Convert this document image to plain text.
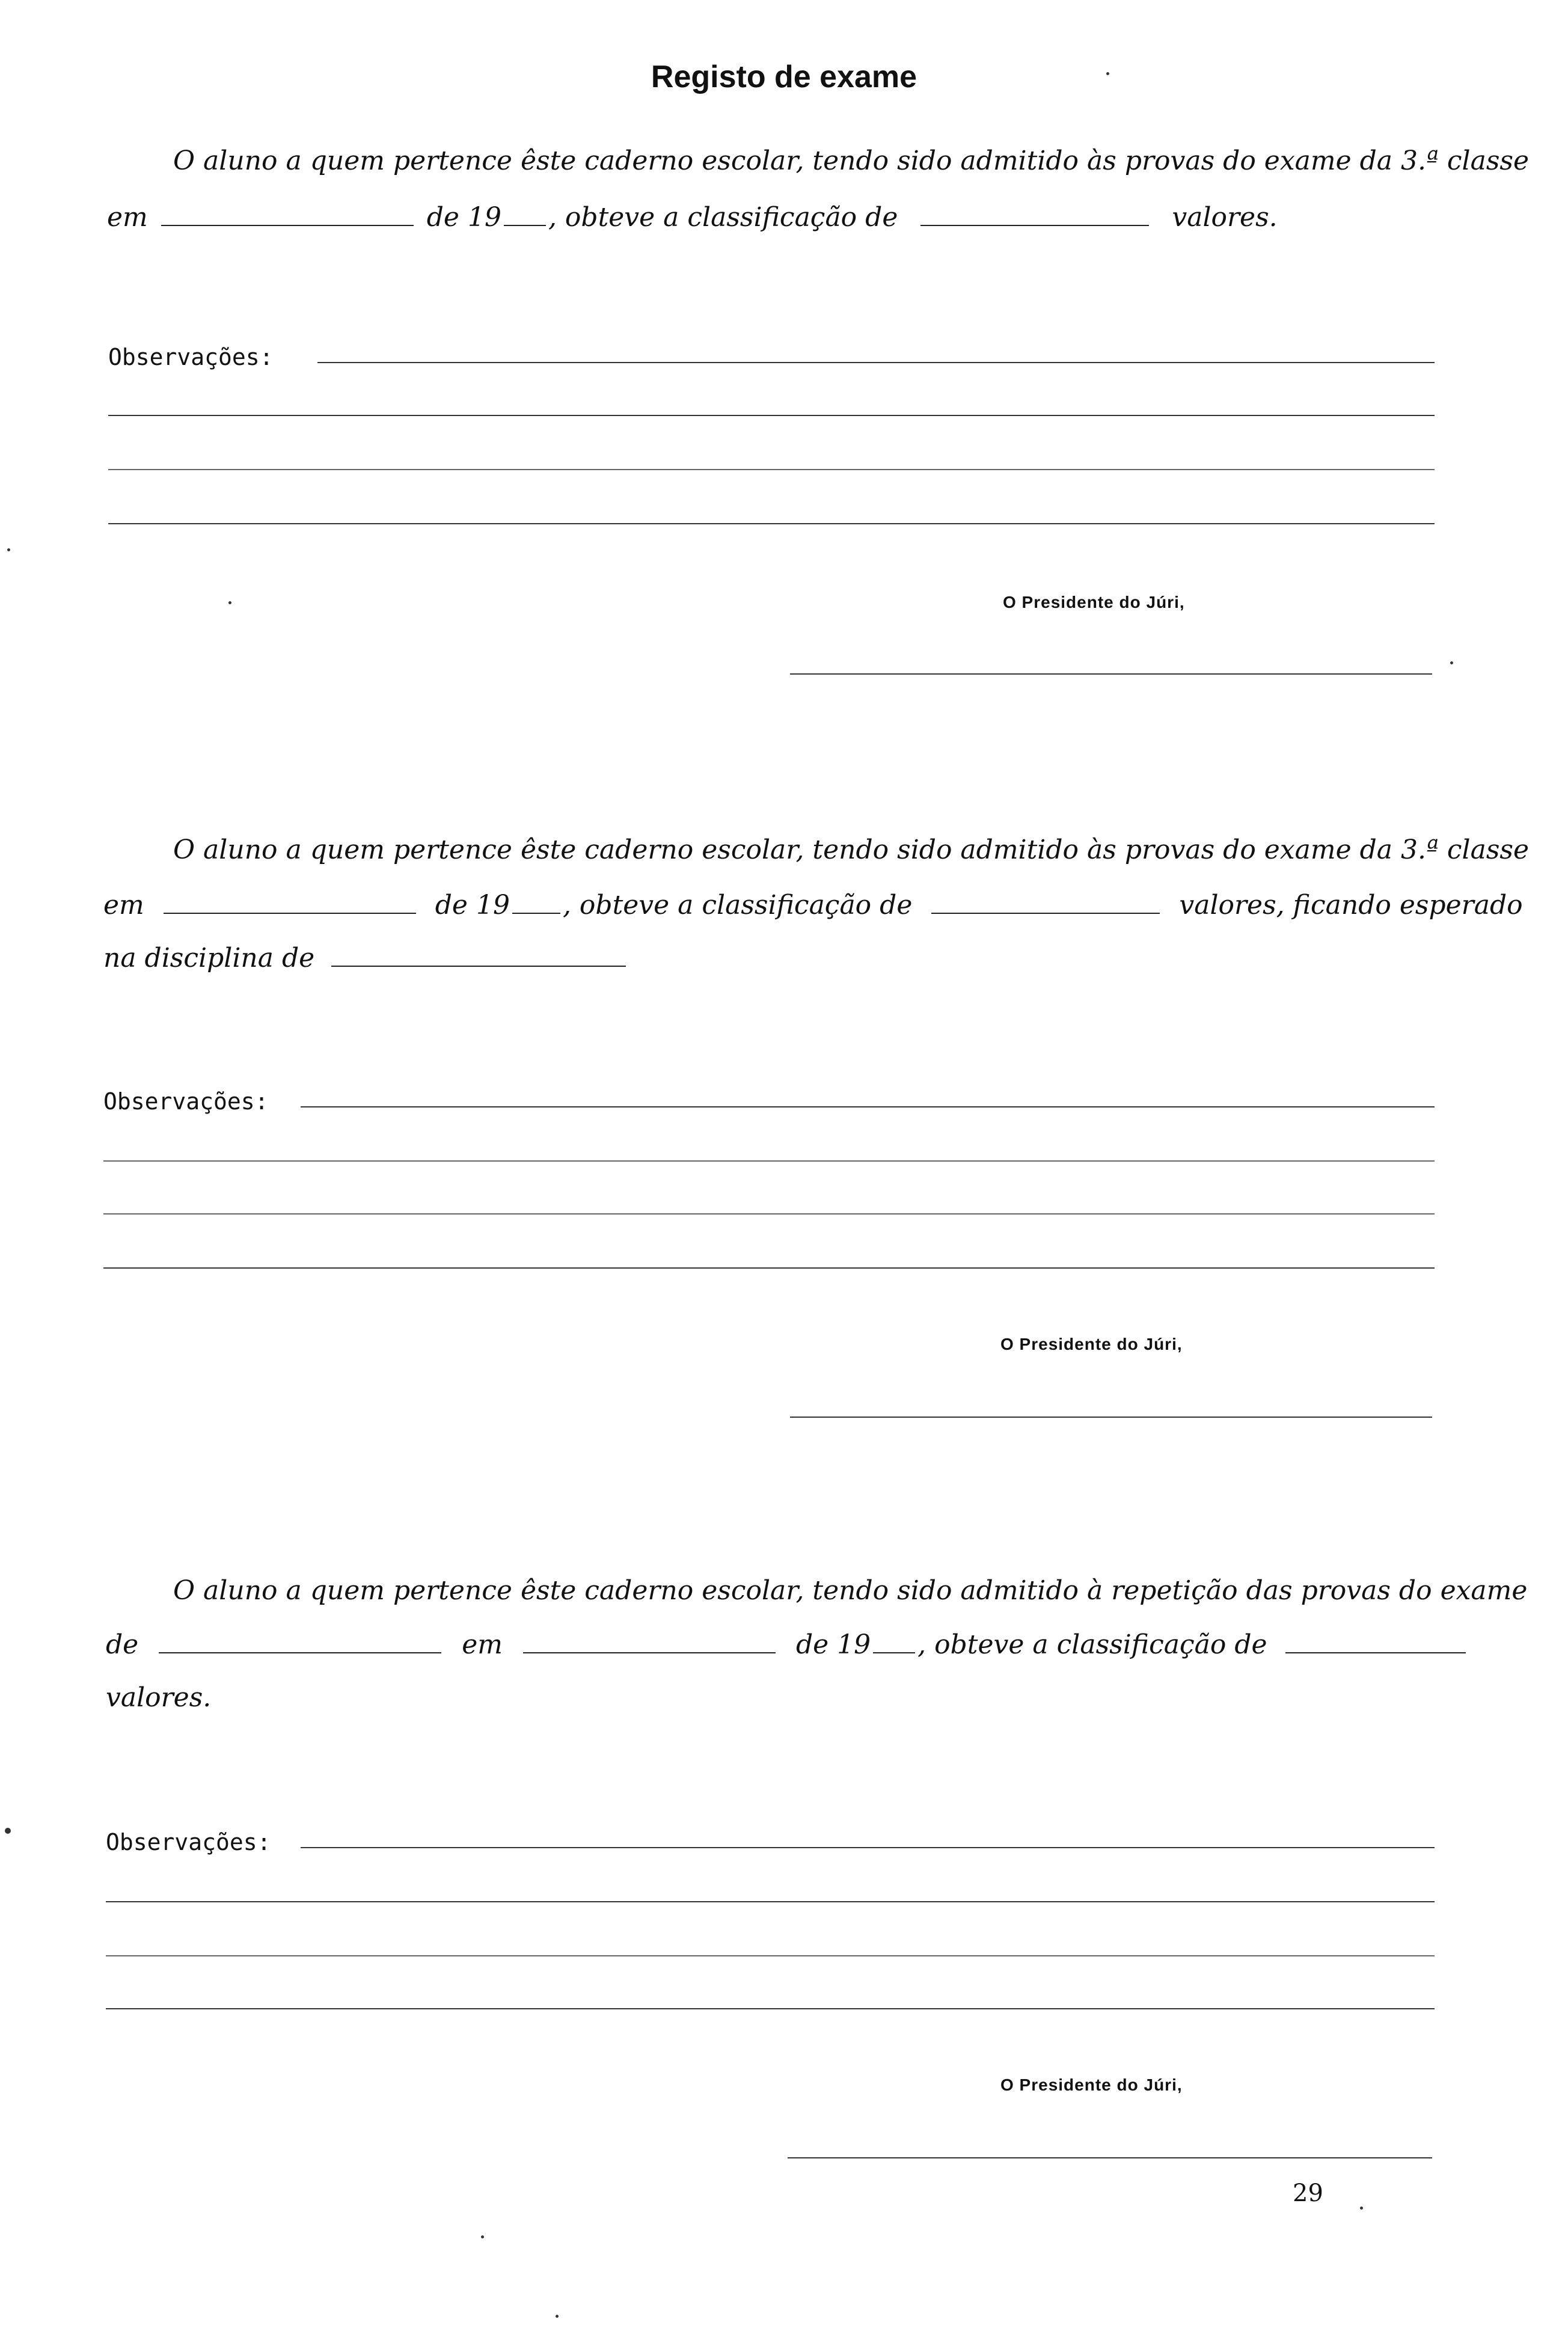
Registo de exame

O aluno a quem pertence êste caderno escolar, tendo sido admitido às provas do exame da 3.ª classe

em	de 19 , obteve a classificação de	valores.

Observações:

O Presidente do Júri,

O aluno a quem pertence êste caderno escolar, tendo sido admitido às provas do exame da 3.ª classe

em	de 19 , obteve a classificação de	valores, ficando esperado

na disciplina de

Observações:

O Presidente do Júri,

O aluno a quem pertence êste caderno escolar, tendo sido admitido à repetição das provas do exame

de	em	de 19 , obteve a classificação de

valores.

Observações:

O Presidente do Júri,

29
